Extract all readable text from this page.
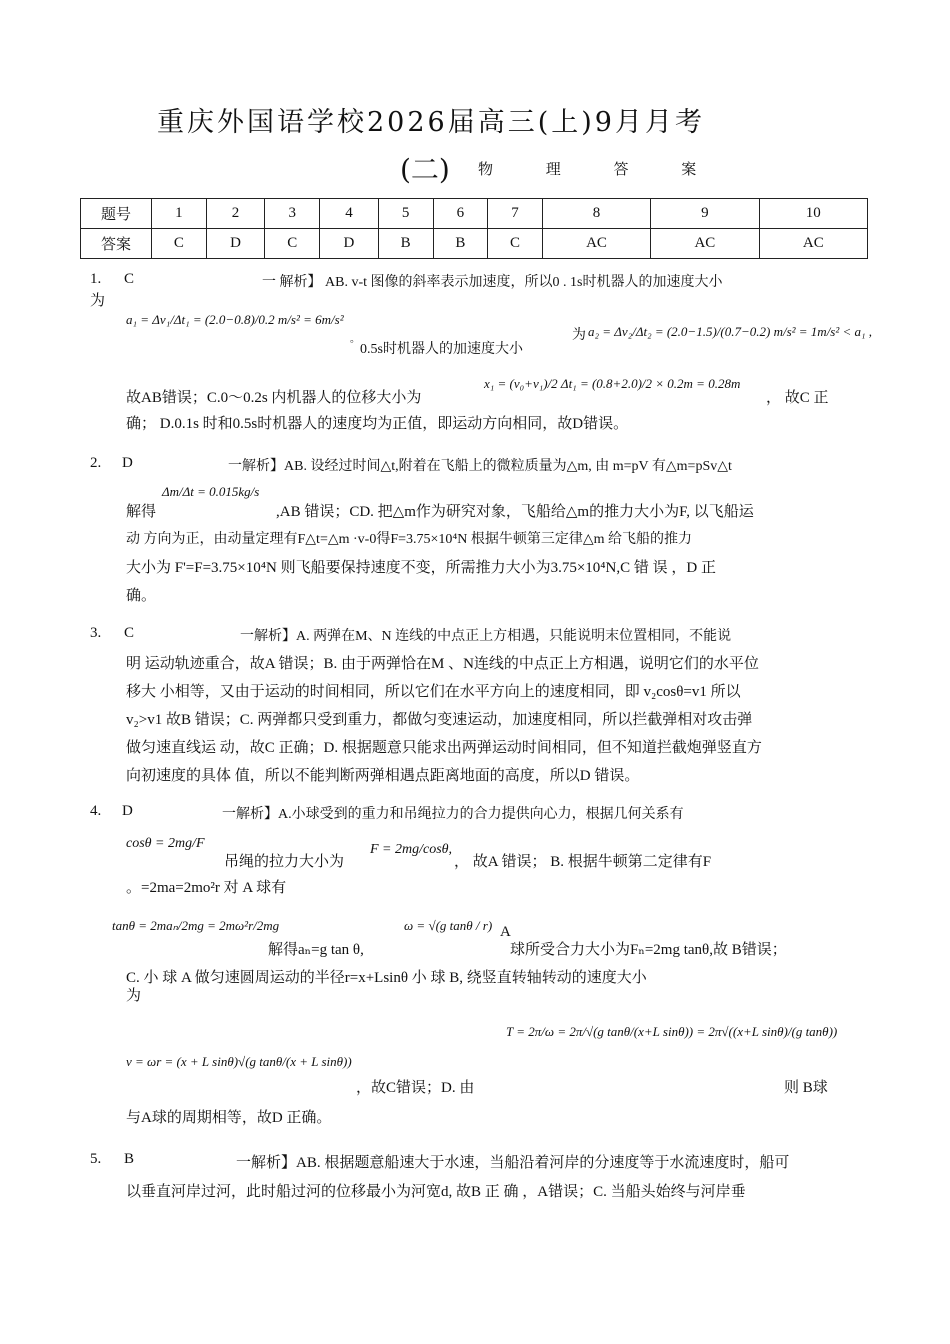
重庆外国语学校2026届高三(上)9月月考
(二) 物 理 答 案
题号	1	2	3	4	5	6	7	8	9	10
答案	C	D	C	D	B	B	C	AC	AC	AC
1. C	一 解析】 AB. v-t 图像的斜率表示加速度，所以0 . 1s时机器人的加速度大小
为
a₁ = Δv₁/Δt₁ = (2.0−0.8)/0.2 m/s² = 6m/s²
。
0.5s时机器人的加速度大小
为 a₂ = Δv₂/Δt₂ = (2.0−1.5)/(0.7−0.2) m/s² = 1m/s² < a₁ ,
故AB错误；C.0～0.2s 内机器人的位移大小为
x₁ = (v₀+v₁)/2 Δt₁ = (0.8+2.0)/2 × 0.2m = 0.28m
， 故C 正
确； D.0.1s 时和0.5s时机器人的速度均为正值，即运动方向相同，故D错误。
2. D	一解析】AB. 设经过时间△t,附着在飞船上的微粒质量为△m, 由 m=pV 有△m=pSv△t
解得
Δm/Δt = 0.015kg/s
,AB 错误；CD. 把△m作为研究对象，飞船给△m的推力大小为F, 以飞船运
动 方向为正，由动量定理有F△t=△m ·v-0得F=3.75×10⁴N 根据牛顿第三定律△m 给飞船的推力
大小为 F'=F=3.75×10⁴N 则飞船要保持速度不变，所需推力大小为3.75×10⁴N,C 错 误 ，D 正
确。
3. C	一解析】A. 两弹在M、N 连线的中点正上方相遇，只能说明末位置相同，不能说
明 运动轨迹重合，故A 错误；B. 由于两弹恰在M 、N连线的中点正上方相遇，说明它们的水平位
移大 小相等，又由于运动的时间相同，所以它们在水平方向上的速度相同，即 v₂cosθ=v1 所以
v₂>v1 故B 错误；C. 两弹都只受到重力，都做匀变速运动，加速度相同，所以拦截弹相对攻击弹
做匀速直线运 动，故C 正确；D. 根据题意只能求出两弹运动时间相同，但不知道拦截炮弹竖直方
向初速度的具体 值，所以不能判断两弹相遇点距离地面的高度，所以D 错误。
4. D	一解析】A.小球受到的重力和吊绳拉力的合力提供向心力，根据几何关系有
cosθ = 2mg/F
吊绳的拉力大小为
F = 2mg/cosθ,
， 故A 错误； B. 根据牛顿第二定律有F
。=2ma=2mo²r 对 A 球有
tanθ = 2maₙ/2mg = 2mω²r/2mg
解得aₙ=g tan θ,
ω = √(g tanθ / r) A
球所受合力大小为Fₙ=2mg tanθ,故 B错误；
C. 小 球 A 做匀速圆周运动的半径r=x+Lsinθ 小 球 B, 绕竖直转轴转动的速度大小
为
v = ωr = (x + L sinθ)√(g tanθ/(x + L sinθ))
，故C错误；D. 由
T = 2π/ω = 2π/√(g tanθ/(x+L sinθ)) = 2π√((x+L sinθ)/(g tanθ))
则 B球
与A球的周期相等，故D 正确。
5. B	一解析】AB. 根据题意船速大于水速，当船沿着河岸的分速度等于水流速度时，船可
以垂直河岸过河，此时船过河的位移最小为河宽d, 故B 正 确 ，A错误；C. 当船头始终与河岸垂
